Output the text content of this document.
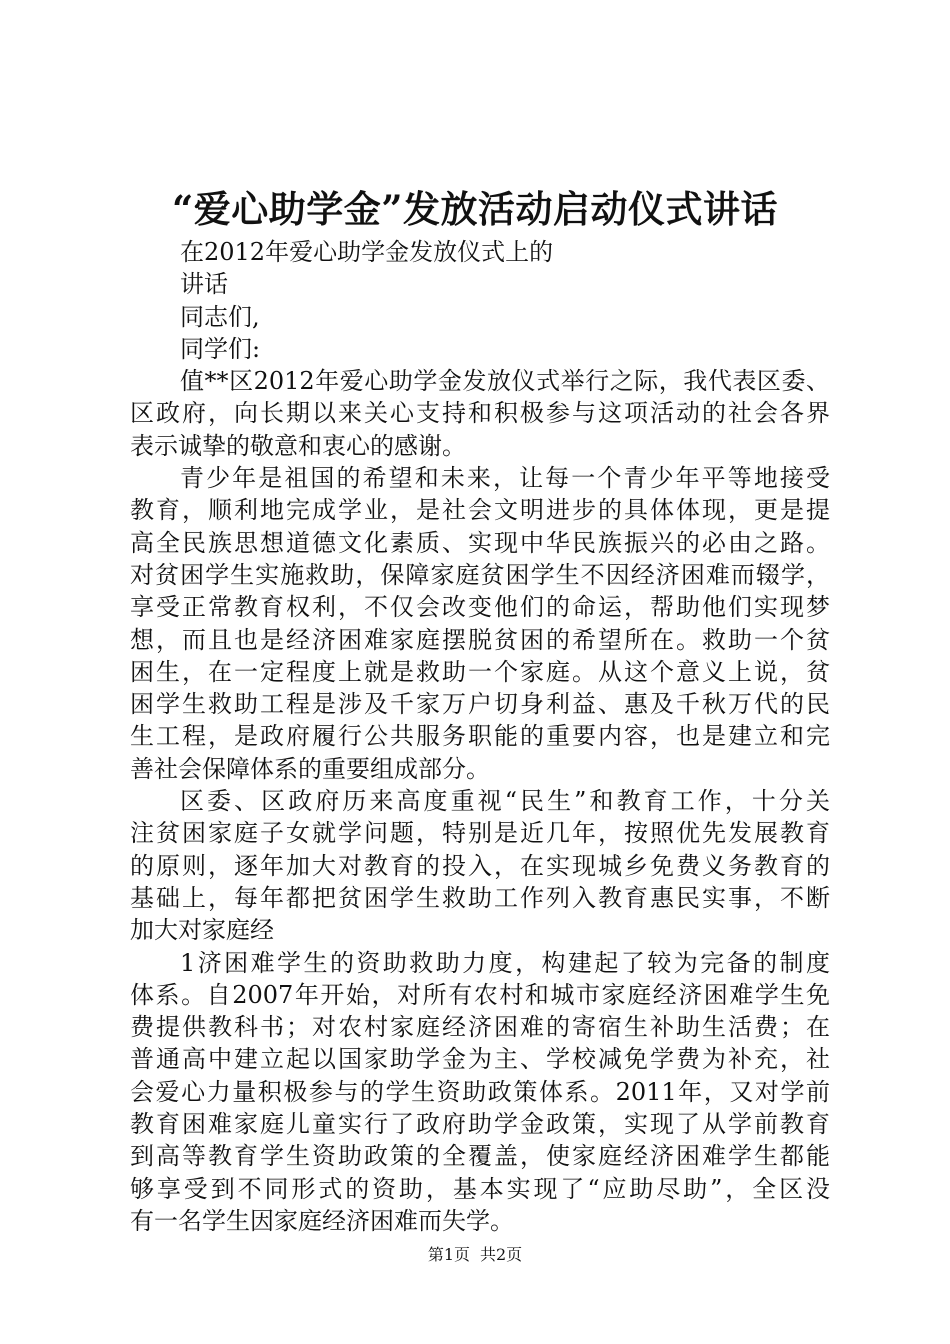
“爱心助学金”发放活动启动仪式讲话
在2012年爱心助学金发放仪式上的
讲话
同志们,
同学们:
值**区2012年爱心助学金发放仪式举行之际，我代表区委、
区政府，向长期以来关心支持和积极参与这项活动的社会各界
表示诚挚的敬意和衷心的感谢。
青少年是祖国的希望和未来，让每一个青少年平等地接受
教育，顺利地完成学业，是社会文明进步的具体体现，更是提
高全民族思想道德文化素质、实现中华民族振兴的必由之路。
对贫困学生实施救助，保障家庭贫困学生不因经济困难而辍学，
享受正常教育权利，不仅会改变他们的命运，帮助他们实现梦
想，而且也是经济困难家庭摆脱贫困的希望所在。救助一个贫
困生，在一定程度上就是救助一个家庭。从这个意义上说，贫
困学生救助工程是涉及千家万户切身利益、惠及千秋万代的民
生工程，是政府履行公共服务职能的重要内容，也是建立和完
善社会保障体系的重要组成部分。
区委、区政府历来高度重视“民生”和教育工作，十分关
注贫困家庭子女就学问题，特别是近几年，按照优先发展教育
的原则，逐年加大对教育的投入，在实现城乡免费义务教育的
基础上，每年都把贫困学生救助工作列入教育惠民实事，不断
加大对家庭经
1济困难学生的资助救助力度，构建起了较为完备的制度
体系。自2007年开始，对所有农村和城市家庭经济困难学生免
费提供教科书；对农村家庭经济困难的寄宿生补助生活费；在
普通高中建立起以国家助学金为主、学校减免学费为补充，社
会爱心力量积极参与的学生资助政策体系。2011年，又对学前
教育困难家庭儿童实行了政府助学金政策，实现了从学前教育
到高等教育学生资助政策的全覆盖，使家庭经济困难学生都能
够享受到不同形式的资助，基本实现了“应助尽助”，全区没
有一名学生因家庭经济困难而失学。
第1页 共2页
